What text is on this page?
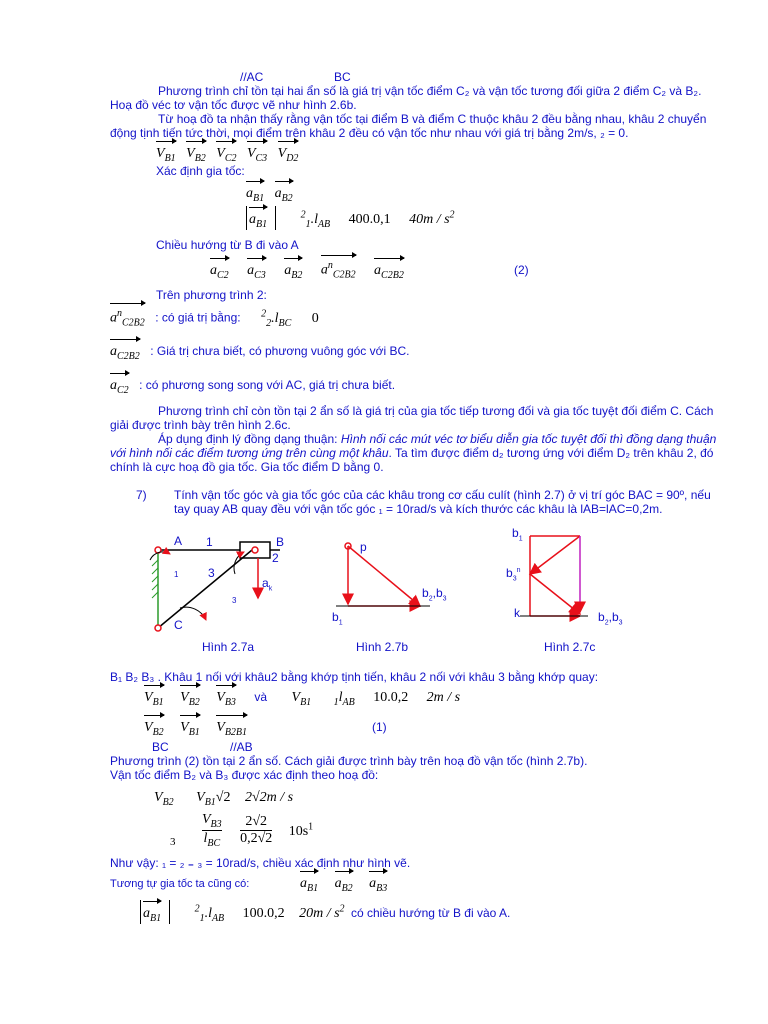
//AC	BC
Phương trình chỉ tồn tại hai ẩn số là giá trị vận tốc điểm C₂ và vận tốc tương đối giữa 2 điểm C₂ và B₂. Hoạ đồ véc tơ vận tốc được vẽ như hình 2.6b.
Từ hoạ đồ ta nhận thấy rằng vận tốc tại điểm B và điểm C thuộc khâu 2 đều bằng nhau, khâu 2 chuyển động tịnh tiến tức thời, mọi điểm trên khâu 2 đều có vận tốc như nhau với giá trị bằng 2m/s, ₂ = 0.
$V_{B1}$ $V_{B2}$ $V_{C2}$ $V_{C3}$ $V_{D2}$
Xác định gia tốc:
$a_{B1}$ $a_{B2}$
$a_{B1}$ $^2_1.l_{AB}$ 400.0,1 $40m / s^2$
Chiều hướng từ B đi vào A
$a_{C2}$ $a_{C3}$ $a_{B2}$ $a^n_{C2B2}$ $a_{C2B2}$	(2)
Trên phương trình 2:
$a^n_{C2B2}$ : có giá trị bằng: $^2_2.l_{BC}$ 0
$a_{C2B2}$ : Giá trị chưa biết, có phương vuông góc với BC.
$a_{C2}$ : có phương song song với AC, giá trị chưa biết.
Phương trình chỉ còn tồn tại 2 ẩn số là giá trị của gia tốc tiếp tương đối và gia tốc tuyệt đối điểm C. Cách giải được trình bày trên hình 2.6c.
Áp dụng định lý đồng dạng thuận: Hình nối các mút véc tơ biểu diễn gia tốc tuyệt đối thì đồng dạng thuận với hình nối các điểm tương ứng trên cùng một khâu. Ta tìm được điểm d₂ tương ứng với điểm D₂ trên khâu 2, đó chính là cực hoạ đồ gia tốc. Gia tốc điểm D bằng 0.
7) Tính vận tốc góc và gia tốc góc của các khâu trong cơ cấu culít (hình 2.7) ở vị trí góc BAC = 90º, nếu tay quay AB quay đều với vận tốc góc ₁ = 10rad/s và kích thước các khâu là lAB=lAC=0,2m.
A 1	B
2
3
1
3
$a_k$
C
p
$b_1$
$b_2,b_3$
$b_1$
$b_3^n$
k	$b_2,b_3$
Hình 2.7a	Hình 2.7b	Hình 2.7c
B₁ B₂ B₃ . Khâu 1 nối với khâu2 bằng khớp tịnh tiến, khâu 2 nối với khâu 3 bằng khớp quay:
$V_{B1}$ $V_{B2}$ $V_{B3}$ và $V_{B1}$ $_1l_{AB}$ 10.0,2 2m / s
$V_{B2}$ $V_{B1}$ $V_{B2B1}$	(1)
BC	//AB
Phương trình (2) tồn tại 2 ẩn số. Cách giải được trình bày trên hoạ đồ vận tốc (hình 2.7b).
Vận tốc điểm B₂ và B₃ được xác định theo hoạ đồ:
$V_{B2}$ $V_{B1}√2$ 2√2m / s
$_3$
$V_{B3}$
$l_{BC}$
$\frac{2√2}{0,2√2} 10s^1$
Như vậy: ₁ = ₂ ₌ ₃ = 10rad/s, chiều xác định như hình vẽ.
Tương tự gia tốc ta cũng có:	$a_{B1}$ $a_{B2}$ $a_{B3}$
$a_{B1}$ $^2_1.l_{AB}$ 100.0,2 $20m / s^2$ có chiều hướng từ B đi vào A.
